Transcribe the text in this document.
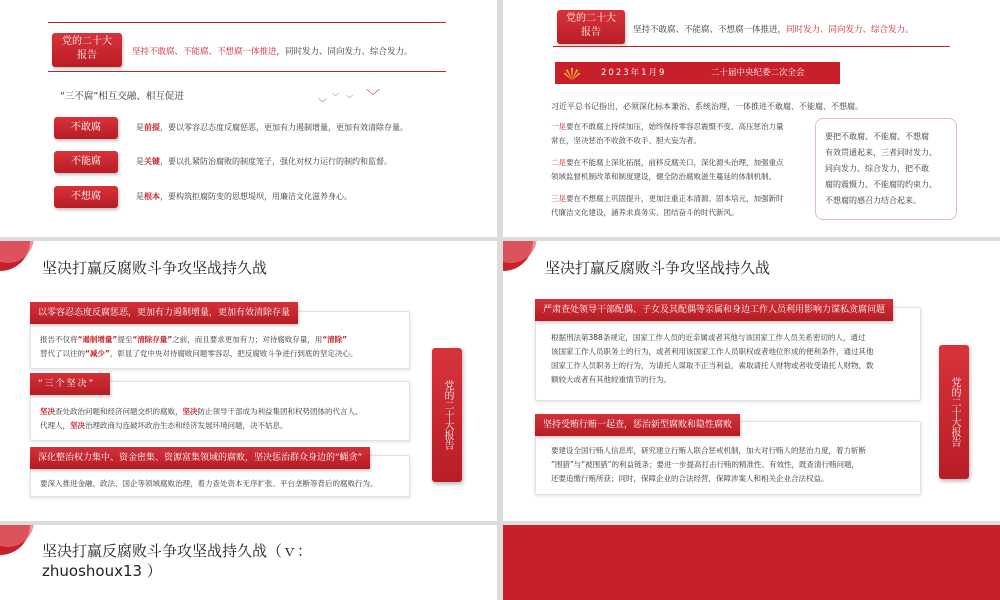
党的二十大
报告	坚持不敢腐、不能腐、不想腐一体推进，同时发力、同向发力、综合发力。
“三不腐”相互交融、相互促进
﹀
﹀ ﹀ ﹀
不敢腐	是前提，要以零容忍态度反腐惩恶，更加有力遏制增量，更加有效清除存量。
不能腐	是关键，要以扎紧防治腐败的制度笼子，强化对权力运行的制约和监督。
不想腐	是根本，要构筑拒腐防变的思想堤坝，用廉洁文化滋养身心。
党的二十大
报告	坚持不敢腐、不能腐、不想腐一体推进，同时发力、同向发力、综合发力。
2023年1月9	二十届中央纪委二次全会
习近平总书记指出，必须深化标本兼治、系统治理，一体推进不敢腐、不能腐、不想腐。
一是要在不敢腐上持续加压，始终保持零容忍震慑不变、高压惩治力量
常在，坚决惩治不收敛不收手、胆大妄为者。
二是要在不能腐上深化拓展，前移反腐关口，深化源头治理，加强重点
领域监督机制改革和制度建设，健全防治腐败滋生蔓延的体制机制。
三是要在不想腐上巩固提升，更加注重正本清源、固本培元，加强新时
代廉洁文化建设，涵养求真务实、团结奋斗的时代新风。
要把不敢腐、不能腐、不想腐
有效贯通起来，三者同时发力、
同向发力、综合发力，把不敢
腐的震慑力、不能腐的约束力、
不想腐的感召力结合起来。
坚决打赢反腐败斗争攻坚战持久战
以零容忍态度反腐惩恶，更加有力遏制增量，更加有效清除存量
报告不仅将“遏制增量”提至“清除存量”之前，而且要求更加有力；对待腐败存量，用“清除”
替代了以往的“减少”，彰显了党中央对待腐败问题零容忍、把反腐败斗争进行到底的坚定决心。
“三个坚决”
坚决查处政治问题和经济问题交织的腐败，坚决防止领导干部成为利益集团和权势团体的代言人、
代理人，坚决治理政商勾连破坏政治生态和经济发展环境问题，决不姑息。
深化整治权力集中、资金密集、资源富集领域的腐败，坚决惩治群众身边的“蝇贪”
要深入推进金融、政法、国企等领域腐败治理，着力查处资本无序扩张、平台垄断等背后的腐败行为。
党的二十大报告
坚决打赢反腐败斗争攻坚战持久战
严肃查处领导干部配偶、子女及其配偶等亲属和身边工作人员利用影响力谋私贪腐问题
根据刑法第388条规定，国家工作人员的近亲属或者其他与该国家工作人员关系密切的人，通过
该国家工作人员职务上的行为，或者利用该国家工作人员职权或者地位形成的便利条件，通过其他
国家工作人员职务上的行为，为请托人谋取不正当利益，索取请托人财物或者收受请托人财物，数
额较大或者有其他较重情节的行为。
坚持受贿行贿一起查，惩治新型腐败和隐性腐败
要建设全国行贿人信息库，研究建立行贿人联合惩戒机制，加大对行贿人的惩治力度，着力斩断
“围猎”与“被围猎”的利益链条；要进一步提高打击行贿的精准性、有效性，既查清行贿问题，
还要追缴行贿所获；同时，保障企业的合法经营，保障涉案人和相关企业合法权益。
党的二十大报告
坚决打赢反腐败斗争攻坚战持久战（ｖ：
zhuoshoux13 ）
